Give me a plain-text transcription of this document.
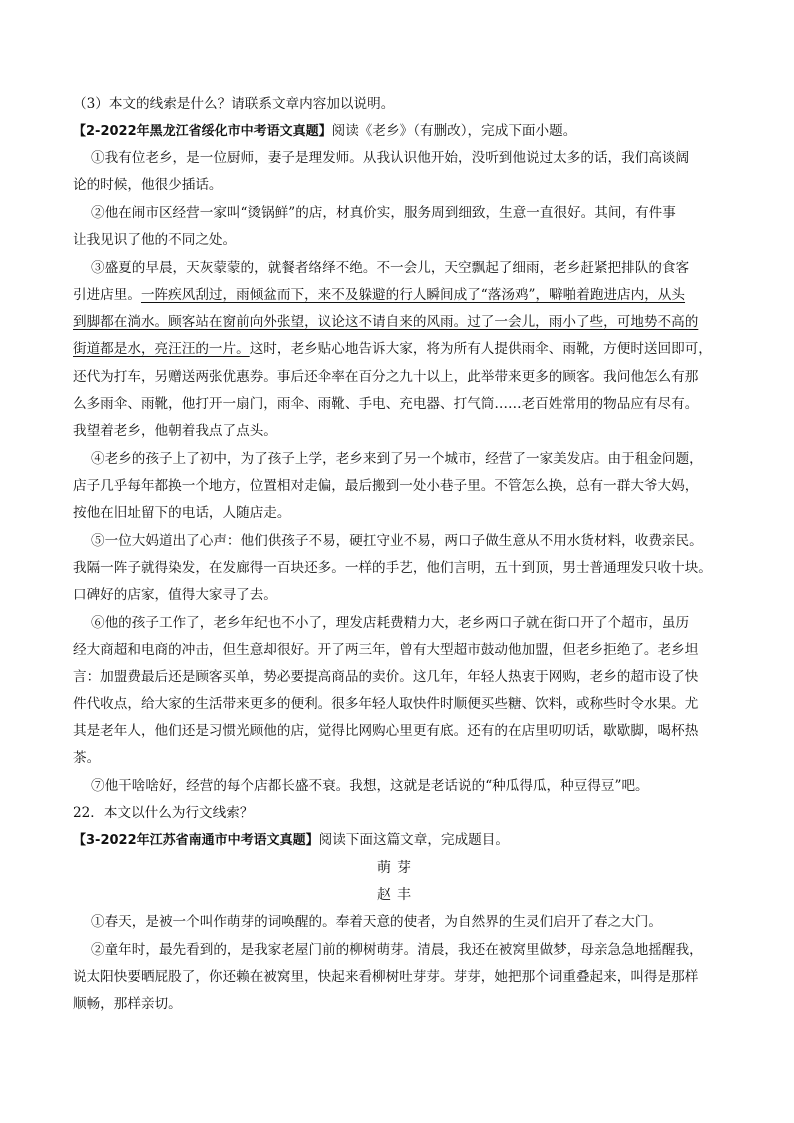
（3）本文的线索是什么？请联系文章内容加以说明。
【2-2022年黑龙江省绥化市中考语文真题】阅读《老乡》（有删改），完成下面小题。
①我有位老乡，是一位厨师，妻子是理发师。从我认识他开始，没听到他说过太多的话，我们高谈阔
论的时候，他很少插话。
②他在闹市区经营一家叫“烫锅鲜”的店，材真价实，服务周到细致，生意一直很好。其间，有件事
让我见识了他的不同之处。
③盛夏的早晨，天灰蒙蒙的，就餐者络绎不绝。不一会儿，天空飘起了细雨，老乡赶紧把排队的食客
引进店里。一阵疾风刮过，雨倾盆而下，来不及躲避的行人瞬间成了“落汤鸡”，噼啪着跑进店内，从头
到脚都在淌水。顾客站在窗前向外张望，议论这不请自来的风雨。过了一会儿，雨小了些，可地势不高的
街道都是水，亮汪汪的一片。这时，老乡贴心地告诉大家，将为所有人提供雨伞、雨靴，方便时送回即可，
还代为打车，另赠送两张优惠券。事后还伞率在百分之九十以上，此举带来更多的顾客。我问他怎么有那
么多雨伞、雨靴，他打开一扇门，雨伞、雨靴、手电、充电器、打气筒……老百姓常用的物品应有尽有。
我望着老乡，他朝着我点了点头。
④老乡的孩子上了初中，为了孩子上学，老乡来到了另一个城市，经营了一家美发店。由于租金问题，
店子几乎每年都换一个地方，位置相对走偏，最后搬到一处小巷子里。不管怎么换，总有一群大爷大妈，
按他在旧址留下的电话，人随店走。
⑤一位大妈道出了心声：他们供孩子不易，硬扛守业不易，两口子做生意从不用水货材料，收费亲民。
我隔一阵子就得染发，在发廊得一百块还多。一样的手艺，他们言明，五十到顶，男士普通理发只收十块。
口碑好的店家，值得大家寻了去。
⑥他的孩子工作了，老乡年纪也不小了，理发店耗费精力大，老乡两口子就在街口开了个超市，虽历
经大商超和电商的冲击，但生意却很好。开了两三年，曾有大型超市鼓动他加盟，但老乡拒绝了。老乡坦
言：加盟费最后还是顾客买单，势必要提高商品的卖价。这几年，年轻人热衷于网购，老乡的超市设了快
件代收点，给大家的生活带来更多的便利。很多年轻人取快件时顺便买些糖、饮料，或称些时令水果。尤
其是老年人，他们还是习惯光顾他的店，觉得比网购心里更有底。还有的在店里叨叨话，歇歇脚，喝杯热
茶。
⑦他干啥啥好，经营的每个店都长盛不衰。我想，这就是老话说的“种瓜得瓜，种豆得豆”吧。
22．本文以什么为行文线索？
【3-2022年江苏省南通市中考语文真题】阅读下面这篇文章，完成题目。
萌芽
赵丰
①春天，是被一个叫作萌芽的词唤醒的。奉着天意的使者，为自然界的生灵们启开了春之大门。
②童年时，最先看到的，是我家老屋门前的柳树萌芽。清晨，我还在被窝里做梦，母亲急急地摇醒我，
说太阳快要晒屁股了，你还赖在被窝里，快起来看柳树吐芽芽。芽芽，她把那个词重叠起来，叫得是那样
顺畅，那样亲切。
